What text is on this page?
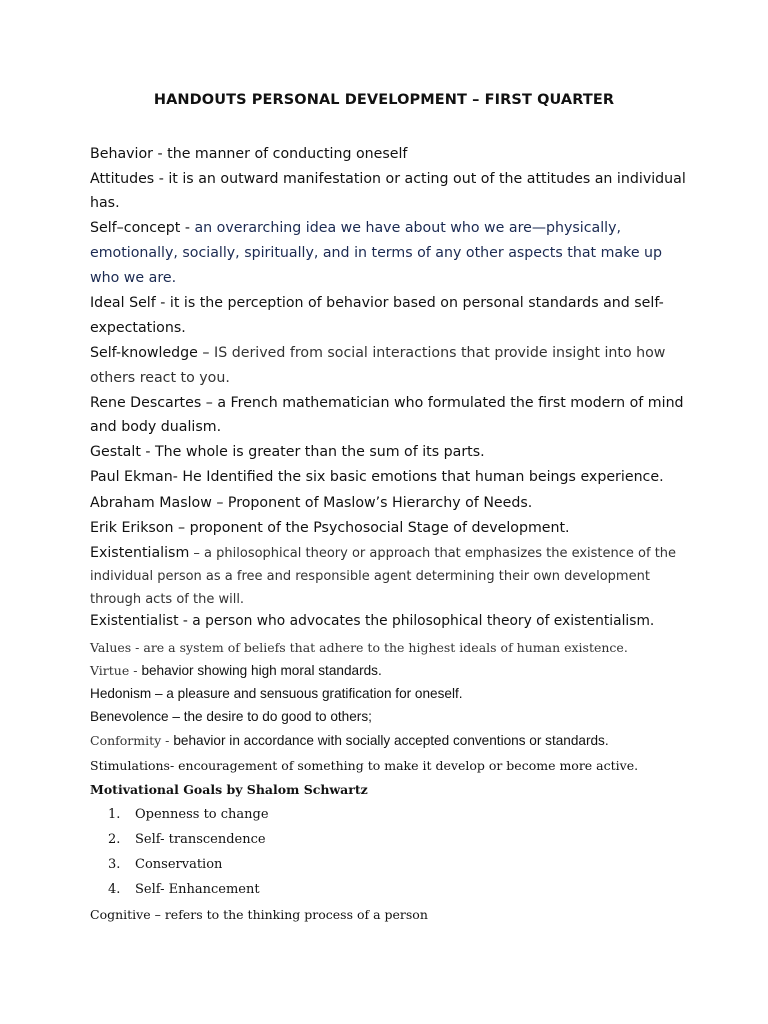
HANDOUTS PERSONAL DEVELOPMENT – FIRST QUARTER
Behavior - the manner of conducting oneself
Attitudes - it is an outward manifestation or acting out of the attitudes an individual
has.
Self–concept - an overarching idea we have about who we are—physically,
emotionally, socially, spiritually, and in terms of any other aspects that make up
who we are.
Ideal Self - it is the perception of behavior based on personal standards and self-
expectations.
Self-knowledge – IS derived from social interactions that provide insight into how
others react to you.
Rene Descartes – a French mathematician who formulated the first modern of mind
and body dualism.
Gestalt - The whole is greater than the sum of its parts.
Paul Ekman- He Identified the six basic emotions that human beings experience.
Abraham Maslow – Proponent of Maslow’s Hierarchy of Needs.
Erik Erikson – proponent of the Psychosocial Stage of development.
Existentialism – a philosophical theory or approach that emphasizes the existence of the
individual person as a free and responsible agent determining their own development
through acts of the will.
Existentialist - a person who advocates the philosophical theory of existentialism.
Values - are a system of beliefs that adhere to the highest ideals of human existence.
Virtue - behavior showing high moral standards.
Hedonism – a pleasure and sensuous gratification for oneself.
Benevolence – the desire to do good to others;
Conformity - behavior in accordance with socially accepted conventions or standards.
Stimulations- encouragement of something to make it develop or become more active.
Motivational Goals by Shalom Schwartz
1. Openness to change
2. Self- transcendence
3. Conservation
4. Self- Enhancement
Cognitive – refers to the thinking process of a person
